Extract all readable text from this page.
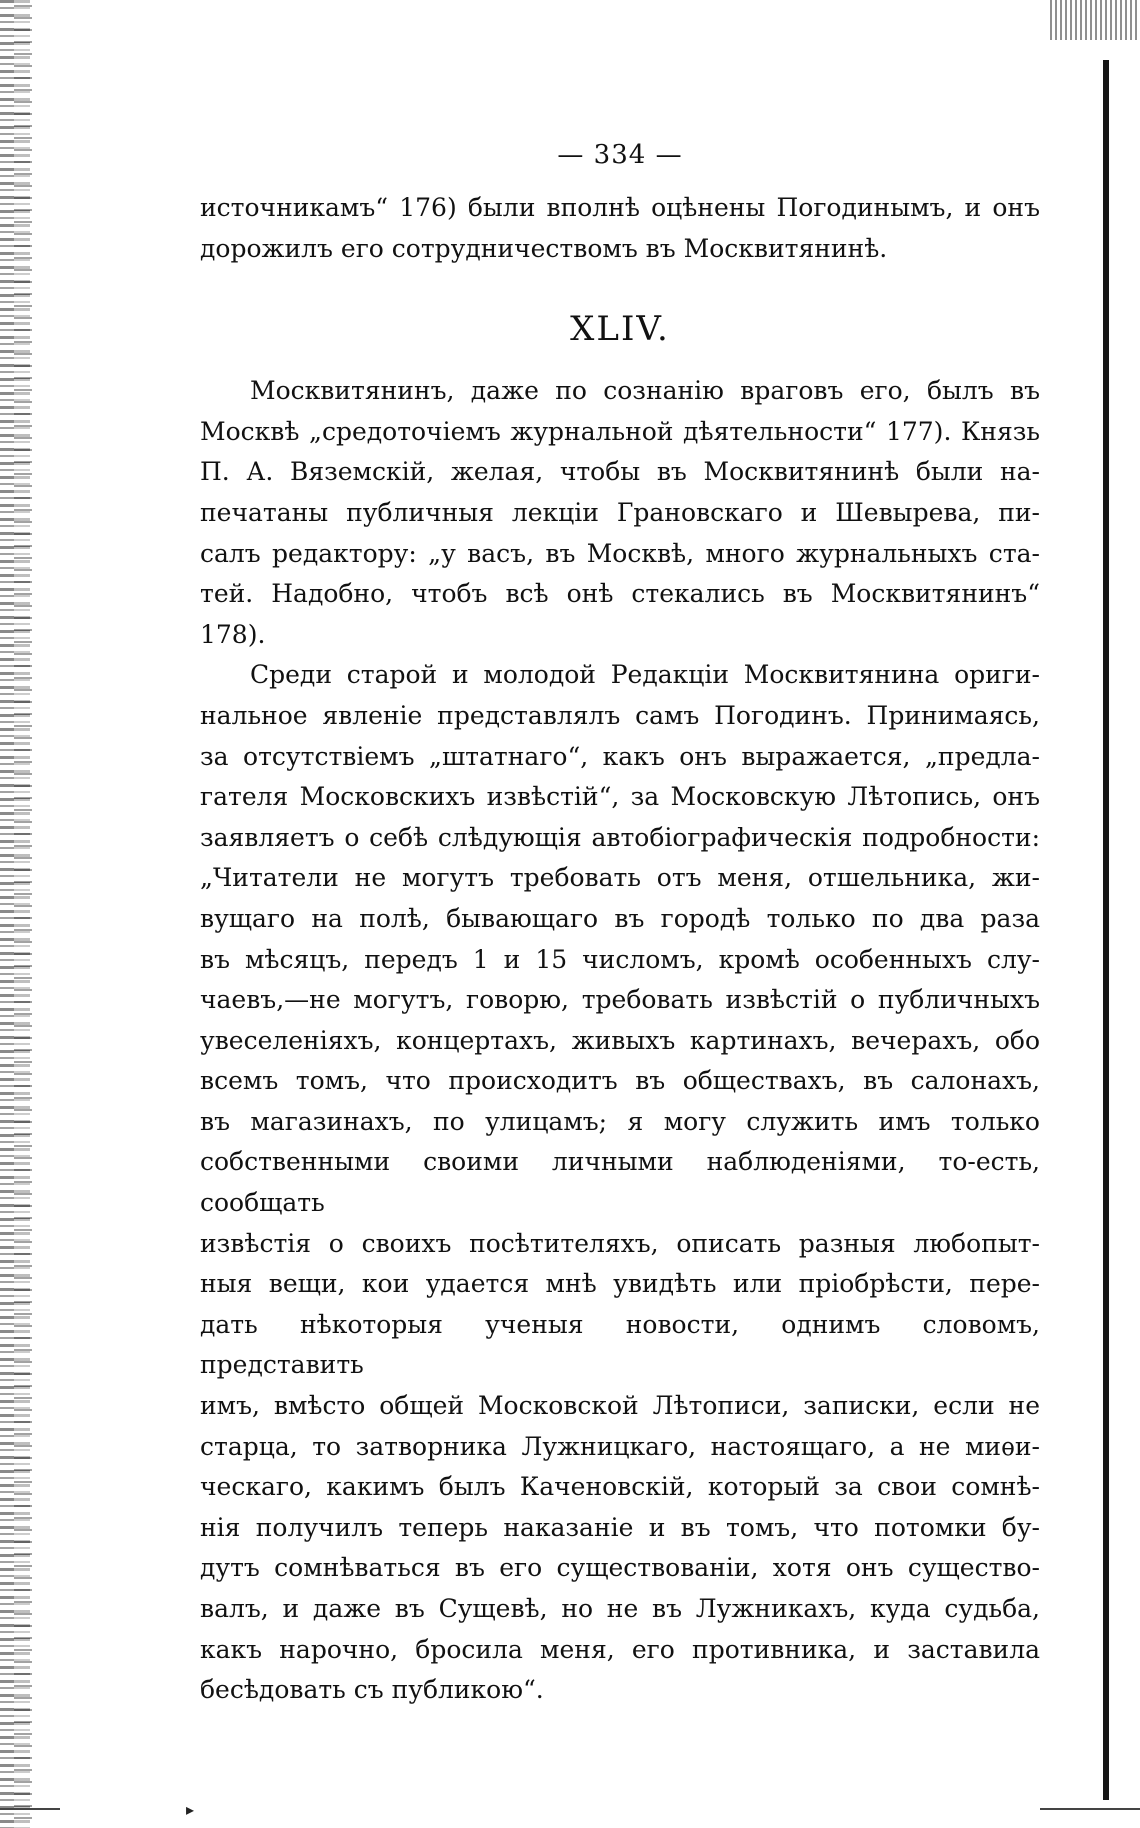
▸
— 334 —
источникамъ“ 176) были вполнѣ оцѣнены Погодинымъ, и онъ
дорожилъ его сотрудничествомъ въ Москвитянинѣ.
XLIV.
Москвитянинъ, даже по сознанію враговъ его, былъ въ
Москвѣ „средоточіемъ журнальной дѣятельности“ 177). Князь
П. А. Вяземскій, желая, чтобы въ Москвитянинѣ были на-
печатаны публичныя лекціи Грановскаго и Шевырева, пи-
салъ редактору: „у васъ, въ Москвѣ, много журнальныхъ ста-
тей. Надобно, чтобъ всѣ онѣ стекались въ Москвитянинъ“ 178).
Среди старой и молодой Редакціи Москвитянина ориги-
нальное явленіе представлялъ самъ Погодинъ. Принимаясь,
за отсутствіемъ „штатнаго“, какъ онъ выражается, „предла-
гателя Московскихъ извѣстій“, за Московскую Лѣтопись, онъ
заявляетъ о себѣ слѣдующія автобіографическія подробности:
„Читатели не могутъ требовать отъ меня, отшельника, жи-
вущаго на полѣ, бывающаго въ городѣ только по два раза
въ мѣсяцъ, передъ 1 и 15 числомъ, кромѣ особенныхъ слу-
чаевъ,—не могутъ, говорю, требовать извѣстій о публичныхъ
увеселеніяхъ, концертахъ, живыхъ картинахъ, вечерахъ, обо
всемъ томъ, что происходитъ въ обществахъ, въ салонахъ,
въ магазинахъ, по улицамъ; я могу служить имъ только
собственными своими личными наблюденіями, то-есть, сообщать
извѣстія о своихъ посѣтителяхъ, описать разныя любопыт-
ныя вещи, кои удается мнѣ увидѣть или пріобрѣсти, пере-
дать нѣкоторыя ученыя новости, однимъ словомъ, представить
имъ, вмѣсто общей Московской Лѣтописи, записки, если не
старца, то затворника Лужницкаго, настоящаго, а не миѳи-
ческаго, какимъ былъ Каченовскій, который за свои сомнѣ-
нія получилъ теперь наказаніе и въ томъ, что потомки бу-
дутъ сомнѣваться въ его существованіи, хотя онъ существо-
валъ, и даже въ Сущевѣ, но не въ Лужникахъ, куда судьба,
какъ нарочно, бросила меня, его противника, и заставила
бесѣдовать съ публикою“.
